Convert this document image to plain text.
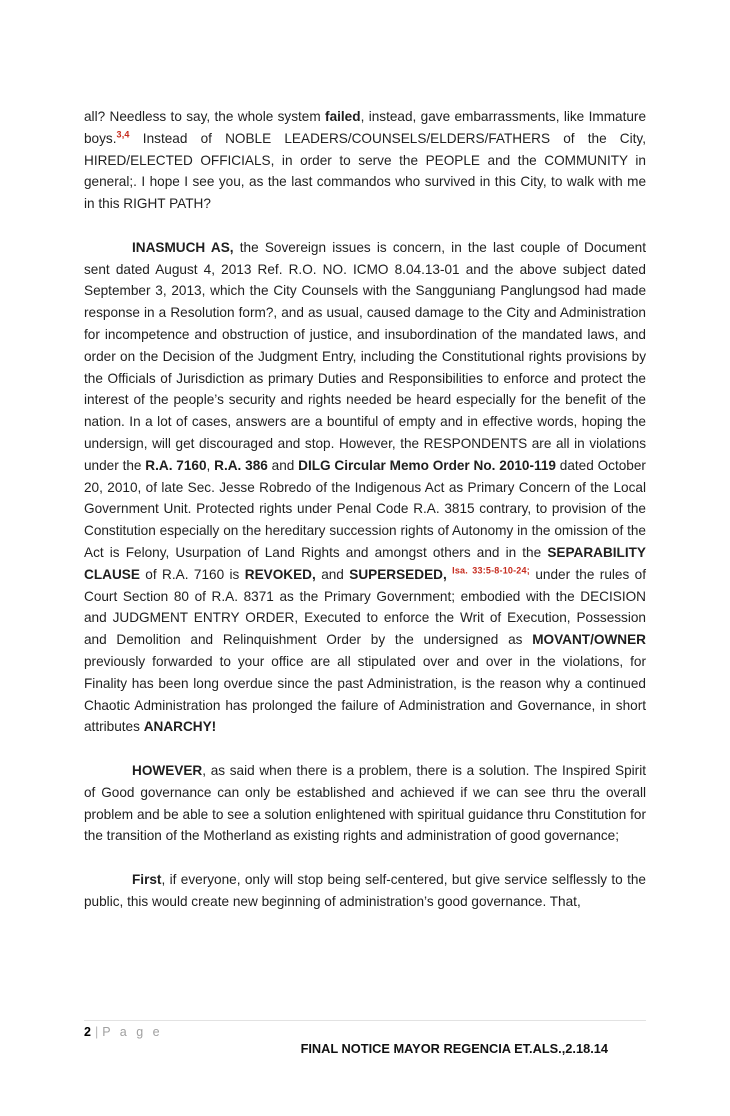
all? Needless to say, the whole system failed, instead, gave embarrassments, like Immature boys.$^{3,4}$ Instead of NOBLE LEADERS/COUNSELS/ELDERS/FATHERS of the City, HIRED/ELECTED OFFICIALS, in order to serve the PEOPLE and the COMMUNITY in general;. I hope I see you, as the last commandos who survived in this City, to walk with me in this RIGHT PATH?

INASMUCH AS, the Sovereign issues is concern, in the last couple of Document sent dated August 4, 2013 Ref. R.O. NO. ICMO 8.04.13-01 and the above subject dated September 3, 2013, which the City Counsels with the Sangguniang Panglungsod had made response in a Resolution form?, and as usual, caused damage to the City and Administration for incompetence and obstruction of justice, and insubordination of the mandated laws, and order on the Decision of the Judgment Entry, including the Constitutional rights provisions by the Officials of Jurisdiction as primary Duties and Responsibilities to enforce and protect the interest of the people’s security and rights needed be heard especially for the benefit of the nation. In a lot of cases, answers are a bountiful of empty and in effective words, hoping the undersign, will get discouraged and stop. However, the RESPONDENTS are all in violations under the R.A. 7160, R.A. 386 and DILG Circular Memo Order No. 2010-119 dated October 20, 2010, of late Sec. Jesse Robredo of the Indigenous Act as Primary Concern of the Local Government Unit. Protected rights under Penal Code R.A. 3815 contrary, to provision of the Constitution especially on the hereditary succession rights of Autonomy in the omission of the Act is Felony, Usurpation of Land Rights and amongst others and in the SEPARABILITY CLAUSE of R.A. 7160 is REVOKED, and SUPERSEDED, $^{Isa. 33:5-8-10-24;}$ under the rules of Court Section 80 of R.A. 8371 as the Primary Government; embodied with the DECISION and JUDGMENT ENTRY ORDER, Executed to enforce the Writ of Execution, Possession and Demolition and Relinquishment Order by the undersigned as MOVANT/OWNER previously forwarded to your office are all stipulated over and over in the violations, for Finality has been long overdue since the past Administration, is the reason why a continued Chaotic Administration has prolonged the failure of Administration and Governance, in short attributes ANARCHY!

HOWEVER, as said when there is a problem, there is a solution. The Inspired Spirit of Good governance can only be established and achieved if we can see thru the overall problem and be able to see a solution enlightened with spiritual guidance thru Constitution for the transition of the Motherland as existing rights and administration of good governance;

First, if everyone, only will stop being self-centered, but give service selflessly to the public, this would create new beginning of administration’s good governance. That,

2 | P a g e
FINAL NOTICE MAYOR REGENCIA ET.ALS.,2.18.14
